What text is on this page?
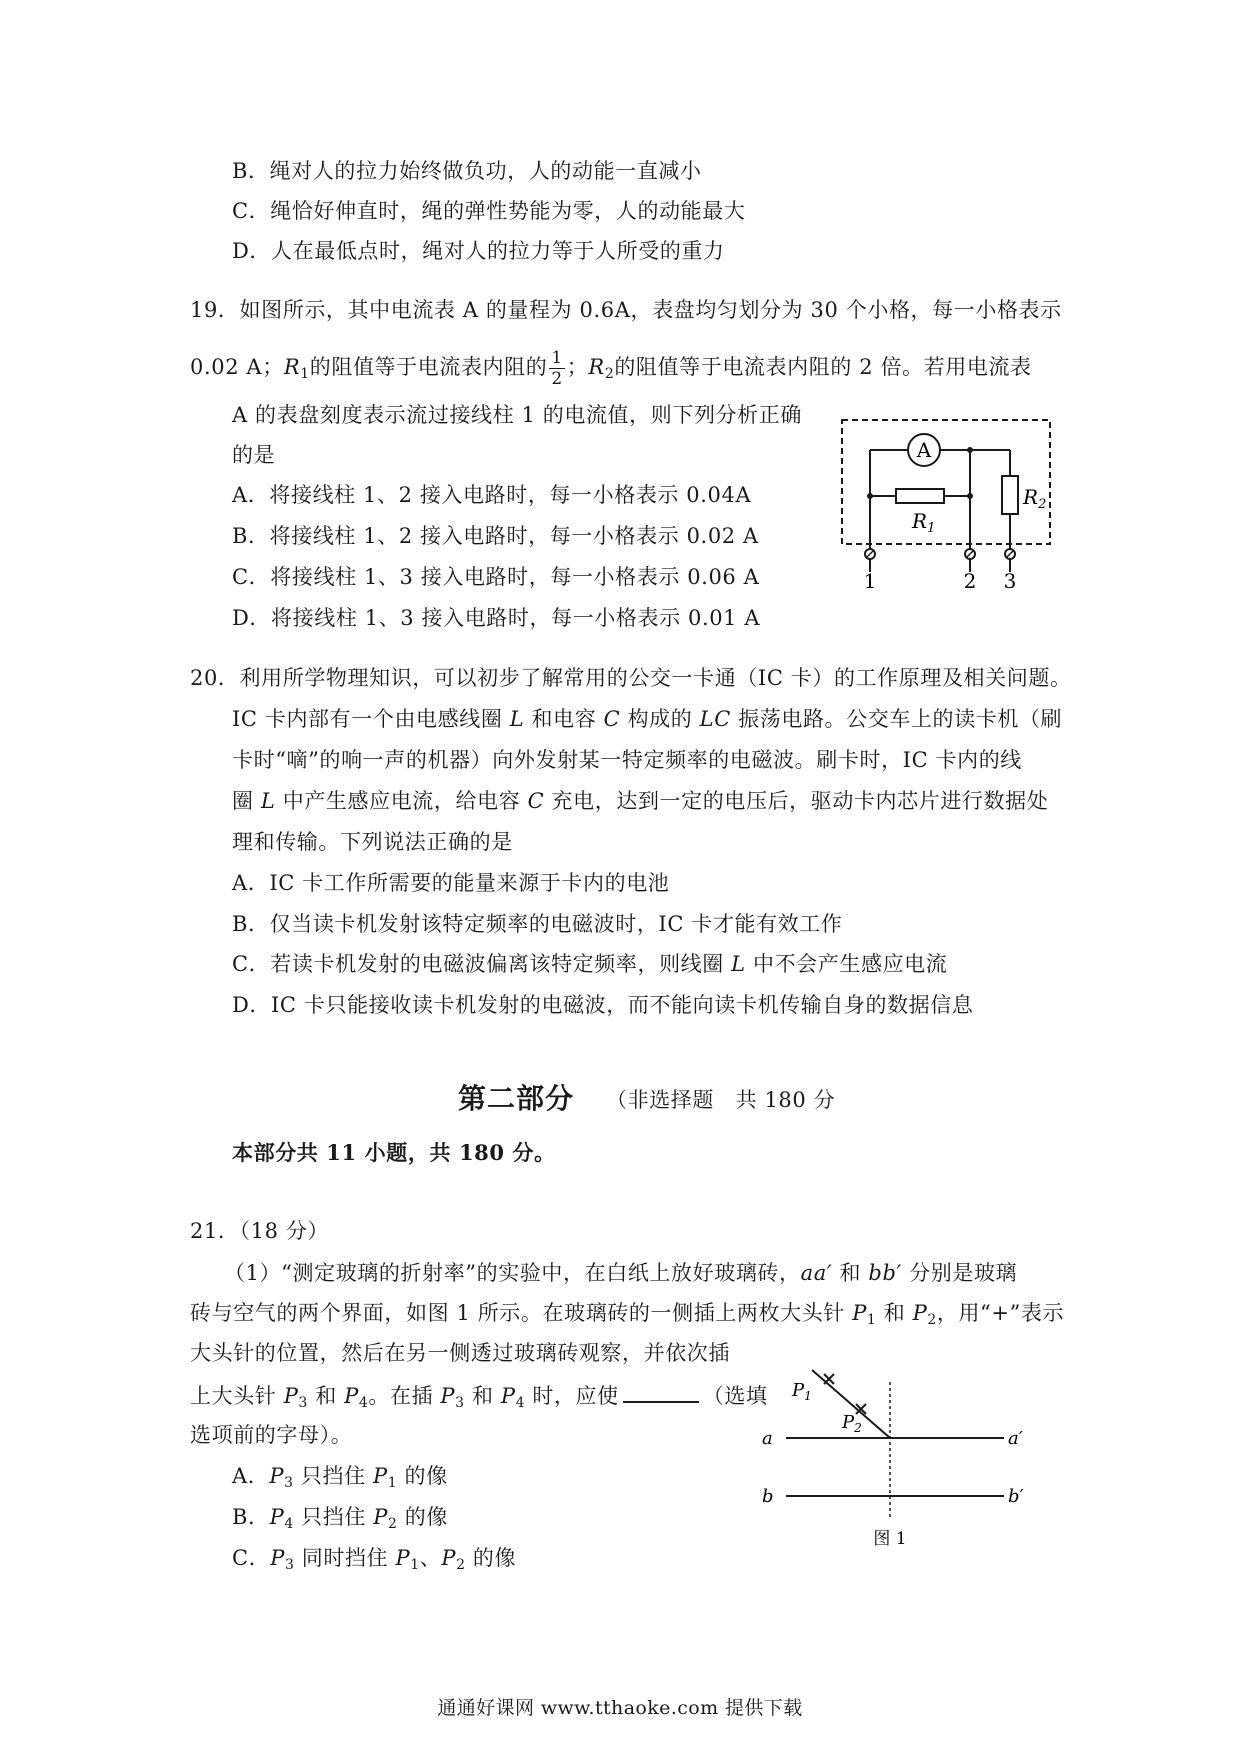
B．绳对人的拉力始终做负功，人的动能一直减小
C．绳恰好伸直时，绳的弹性势能为零，人的动能最大
D．人在最低点时，绳对人的拉力等于人所受的重力
19．如图所示，其中电流表 A 的量程为 0.6A，表盘均匀划分为 30 个小格，每一小格表示
0.02 A；$R_1$的阻值等于电流表内阻的 $\frac{1}{2}$ ；$R_2$的阻值等于电流表内阻的 2 倍。若用电流表
A 的表盘刻度表示流过接线柱 1 的电流值，则下列分析正确
的是
A．将接线柱 1、2 接入电路时，每一小格表示 0.04A
B．将接线柱 1、2 接入电路时，每一小格表示 0.02 A
C．将接线柱 1、3 接入电路时，每一小格表示 0.06 A
D．将接线柱 1、3 接入电路时，每一小格表示 0.01 A
A
$R_1$
$R_2$
1	2 3
20．利用所学物理知识，可以初步了解常用的公交一卡通（IC 卡）的工作原理及相关问题。
IC 卡内部有一个由电感线圈 L 和电容 C 构成的 LC 振荡电路。公交车上的读卡机（刷
卡时“嘀”的响一声的机器）向外发射某一特定频率的电磁波。刷卡时，IC 卡内的线
圈 L 中产生感应电流，给电容 C 充电，达到一定的电压后，驱动卡内芯片进行数据处
理和传输。下列说法正确的是
A．IC 卡工作所需要的能量来源于卡内的电池
B．仅当读卡机发射该特定频率的电磁波时，IC 卡才能有效工作
C．若读卡机发射的电磁波偏离该特定频率，则线圈 L 中不会产生感应电流
D．IC 卡只能接收读卡机发射的电磁波，而不能向读卡机传输自身的数据信息
第二部分 （非选择题　共 180 分
本部分共 11 小题，共 180 分。
21．（18 分）
（1）“测定玻璃的折射率”的实验中，在白纸上放好玻璃砖，aa′ 和 bb′ 分别是玻璃
砖与空气的两个界面，如图 1 所示。在玻璃砖的一侧插上两枚大头针 $P_1$ 和 $P_2$，用“+”表示
大头针的位置，然后在另一侧透过玻璃砖观察，并依次插
上大头针 $P_3$ 和 $P_4$。在插 $P_3$ 和 $P_4$ 时，应使	（选填
选项前的字母）。
A．$P_3$ 只挡住 $P_1$ 的像
B．$P_4$ 只挡住 $P_2$ 的像
C．$P_3$ 同时挡住 $P_1$、$P_2$ 的像
$P_1$
$P_2$
a	a′
b	b′
图 1
通通好课网 www.tthaoke.com 提供下载
